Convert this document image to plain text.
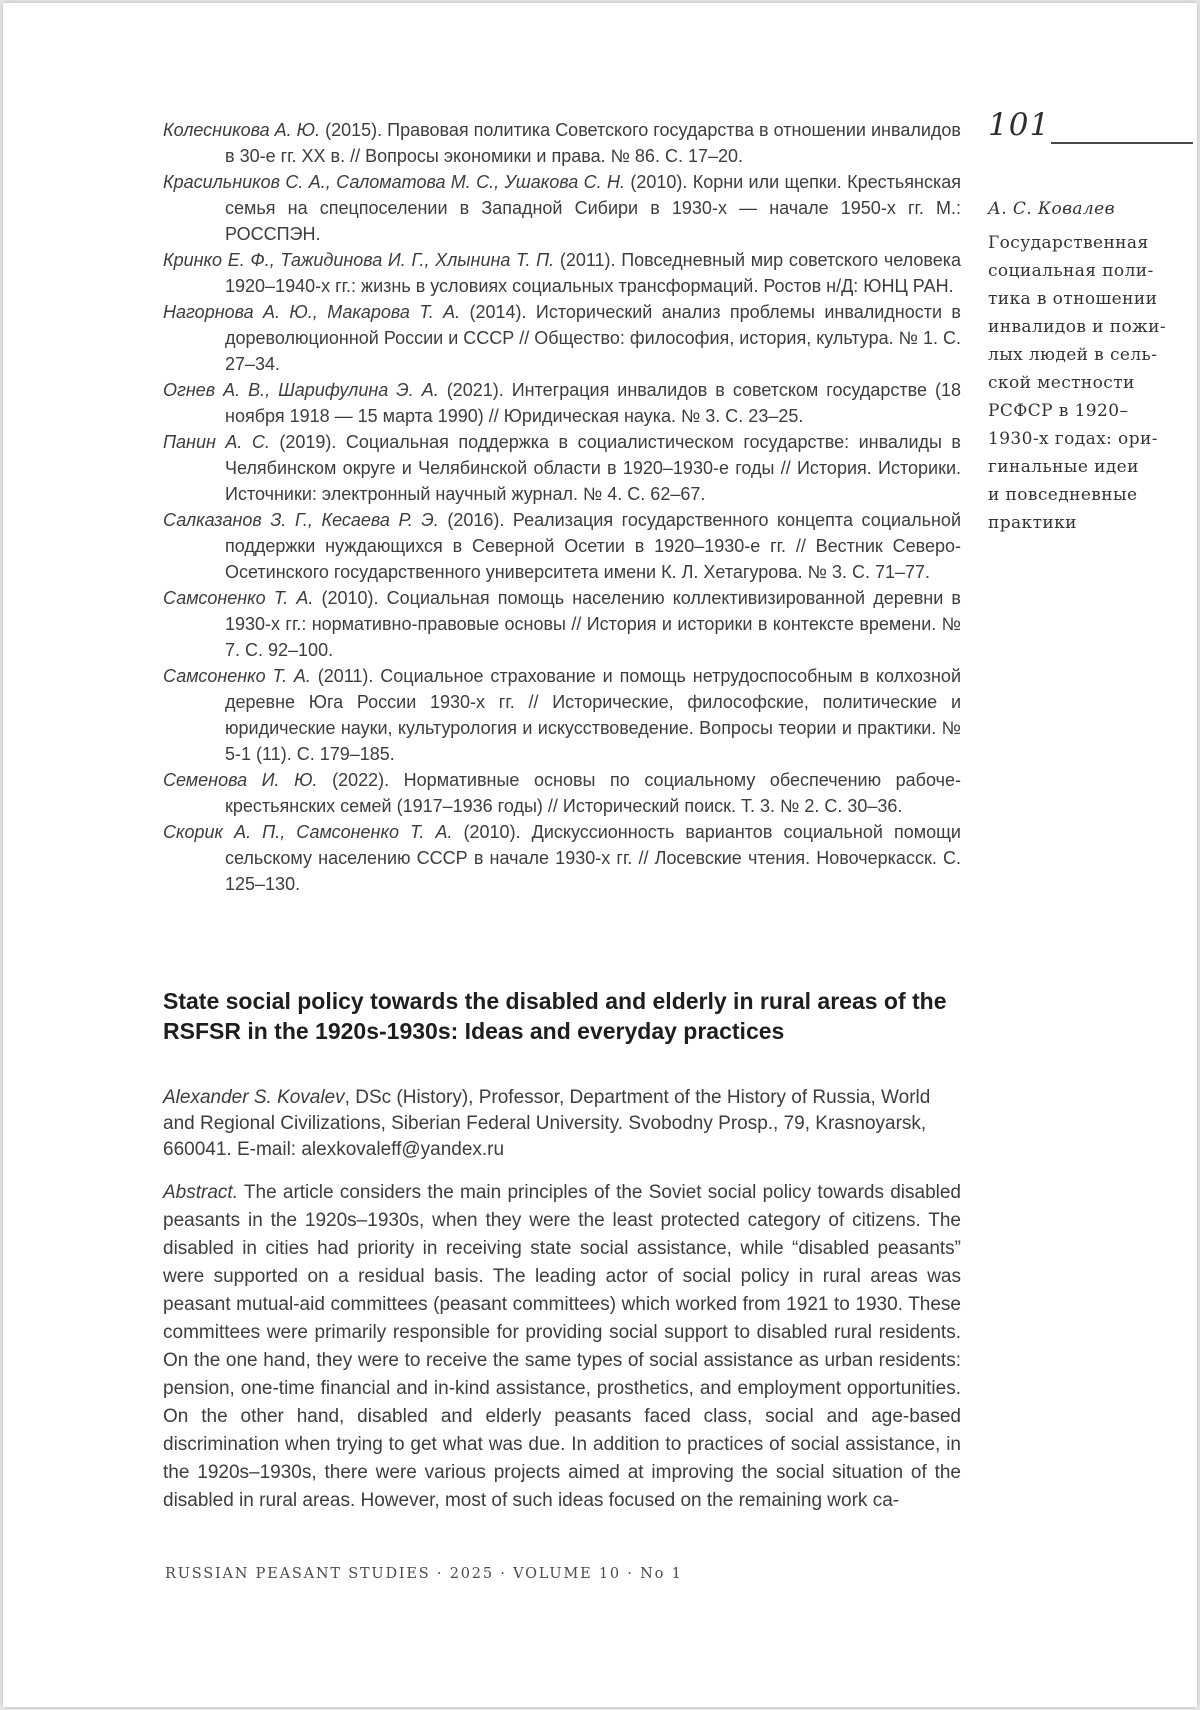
101
А. С. Ковалев
Государственная
социальная поли-
тика в отношении
инвалидов и пожи-
лых людей в сель-
ской местности
РСФСР в 1920–
1930-х годах: ори-
гинальные идеи
и повседневные
практики

Колесникова А. Ю. (2015). Правовая политика Советского государства в отношении инвалидов в 30-е гг. XX в. // Вопросы экономики и права. № 86. С. 17–20.

Красильников С. А., Саломатова М. С., Ушакова С. Н. (2010). Корни или щепки. Крестьянская семья на спецпоселении в Западной Сибири в 1930-х — начале 1950-х гг. М.: РОССПЭН.

Кринко Е. Ф., Тажидинова И. Г., Хлынина Т. П. (2011). Повседневный мир советского человека 1920–1940-х гг.: жизнь в условиях социальных трансформаций. Ростов н/Д: ЮНЦ РАН.

Нагорнова А. Ю., Макарова Т. А. (2014). Исторический анализ проблемы инвалидности в дореволюционной России и СССР // Общество: философия, история, культура. № 1. С. 27–34.

Огнев А. В., Шарифулина Э. А. (2021). Интеграция инвалидов в советском государстве (18 ноября 1918 — 15 марта 1990) // Юридическая наука. № 3. С. 23–25.

Панин А. С. (2019). Социальная поддержка в социалистическом государстве: инвалиды в Челябинском округе и Челябинской области в 1920–1930-е годы // История. Историки. Источники: электронный научный журнал. № 4. С. 62–67.

Салказанов З. Г., Кесаева Р. Э. (2016). Реализация государственного концепта социальной поддержки нуждающихся в Северной Осетии в 1920–1930-е гг. // Вестник Северо-Осетинского государственного университета имени К. Л. Хетагурова. № 3. С. 71–77.

Самсоненко Т. А. (2010). Социальная помощь населению коллективизированной деревни в 1930-х гг.: нормативно-правовые основы // История и историки в контексте времени. № 7. С. 92–100.

Самсоненко Т. А. (2011). Социальное страхование и помощь нетрудоспособным в колхозной деревне Юга России 1930-х гг. // Исторические, философские, политические и юридические науки, культурология и искусствоведение. Вопросы теории и практики. № 5-1 (11). С. 179–185.

Семенова И. Ю. (2022). Нормативные основы по социальному обеспечению рабоче-крестьянских семей (1917–1936 годы) // Исторический поиск. Т. 3. № 2. С. 30–36.

Скорик А. П., Самсоненко Т. А. (2010). Дискуссионность вариантов социальной помощи сельскому населению СССР в начале 1930-х гг. // Лосевские чтения. Новочеркасск. С. 125–130.

State social policy towards the disabled and elderly in rural areas of the RSFSR in the 1920s-1930s: Ideas and everyday practices

Alexander S. Kovalev, DSc (History), Professor, Department of the History of Russia, World and Regional Civilizations, Siberian Federal University. Svobodny Prosp., 79, Krasnoyarsk, 660041. E-mail: alexkovaleff@yandex.ru

Abstract. The article considers the main principles of the Soviet social policy towards disabled peasants in the 1920s–1930s, when they were the least protected category of citizens. The disabled in cities had priority in receiving state social assistance, while “disabled peasants” were supported on a residual basis. The leading actor of social policy in rural areas was peasant mutual-aid committees (peasant committees) which worked from 1921 to 1930. These committees were primarily responsible for providing social support to disabled rural residents. On the one hand, they were to receive the same types of social assistance as urban residents: pension, one-time financial and in-kind assistance, prosthetics, and employment opportunities. On the other hand, disabled and elderly peasants faced class, social and age-based discrimination when trying to get what was due. In addition to practices of social assistance, in the 1920s–1930s, there were various projects aimed at improving the social situation of the disabled in rural areas. However, most of such ideas focused on the remaining work ca-

RUSSIAN PEASANT STUDIES · 2025 · VOLUME 10 · No 1
